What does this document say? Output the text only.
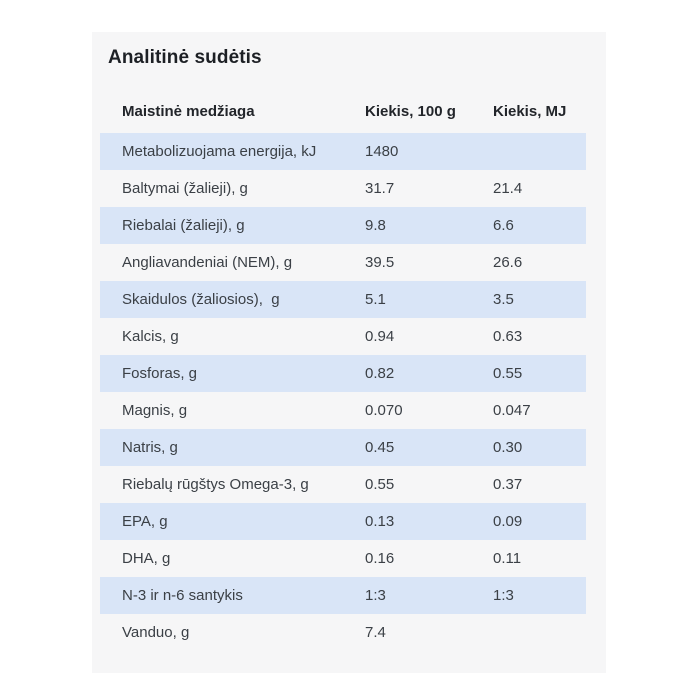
Analitinė sudėtis
Maistinė medžiaga	Kiekis, 100 g	Kiekis, MJ
Metabolizuojama energija, kJ	1480	
Baltymai (žalieji), g	31.7	21.4
Riebalai (žalieji), g	9.8	6.6
Angliavandeniai (NEM), g	39.5	26.6
Skaidulos (žaliosios),  g	5.1	3.5
Kalcis, g	0.94	0.63
Fosforas, g	0.82	0.55
Magnis, g	0.070	0.047
Natris, g	0.45	0.30
Riebalų rūgštys Omega-3, g	0.55	0.37
EPA, g	0.13	0.09
DHA, g	0.16	0.11
N-3 ir n-6 santykis	1:3	1:3
Vanduo, g	7.4	
